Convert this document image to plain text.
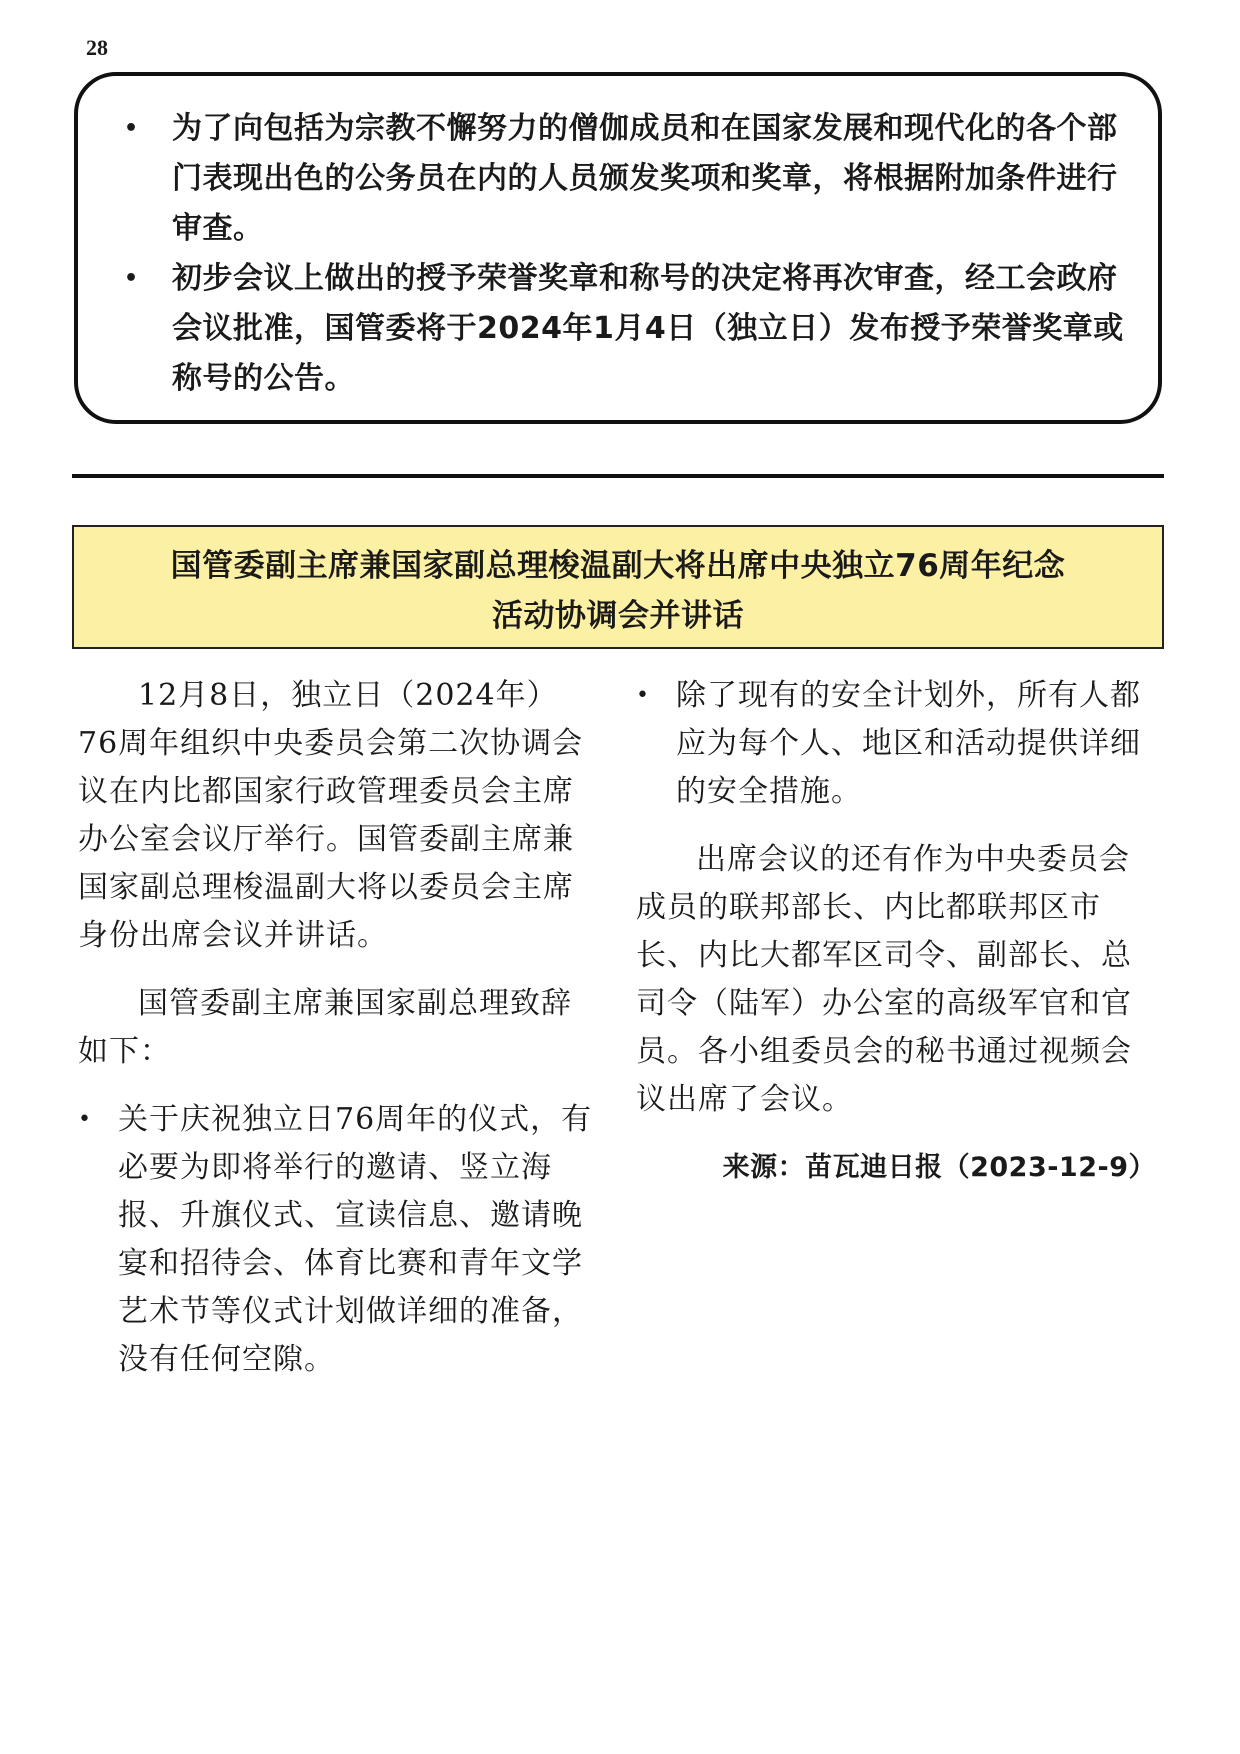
28
• 为了向包括为宗教不懈努力的僧伽成员和在国家发展和现代化的各个部门表现出色的公务员在内的人员颁发奖项和奖章，将根据附加条件进行审查。
• 初步会议上做出的授予荣誉奖章和称号的决定将再次审查，经工会政府会议批准，国管委将于2024年1月4日（独立日）发布授予荣誉奖章或称号的公告。
国管委副主席兼国家副总理梭温副大将出席中央独立76周年纪念
活动协调会并讲话

12月8日，独立日（2024年）76周年组织中央委员会第二次协调会议在内比都国家行政管理委员会主席办公室会议厅举行。国管委副主席兼国家副总理梭温副大将以委员会主席身份出席会议并讲话。

国管委副主席兼国家副总理致辞如下：

• 关于庆祝独立日76周年的仪式，有必要为即将举行的邀请、竖立海报、升旗仪式、宣读信息、邀请晚宴和招待会、体育比赛和青年文学艺术节等仪式计划做详细的准备，没有任何空隙。
• 除了现有的安全计划外，所有人都应为每个人、地区和活动提供详细的安全措施。

出席会议的还有作为中央委员会成员的联邦部长、内比都联邦区市长、内比大都军区司令、副部长、总司令（陆军）办公室的高级军官和官员。各小组委员会的秘书通过视频会议出席了会议。

来源：苗瓦迪日报（2023-12-9）
